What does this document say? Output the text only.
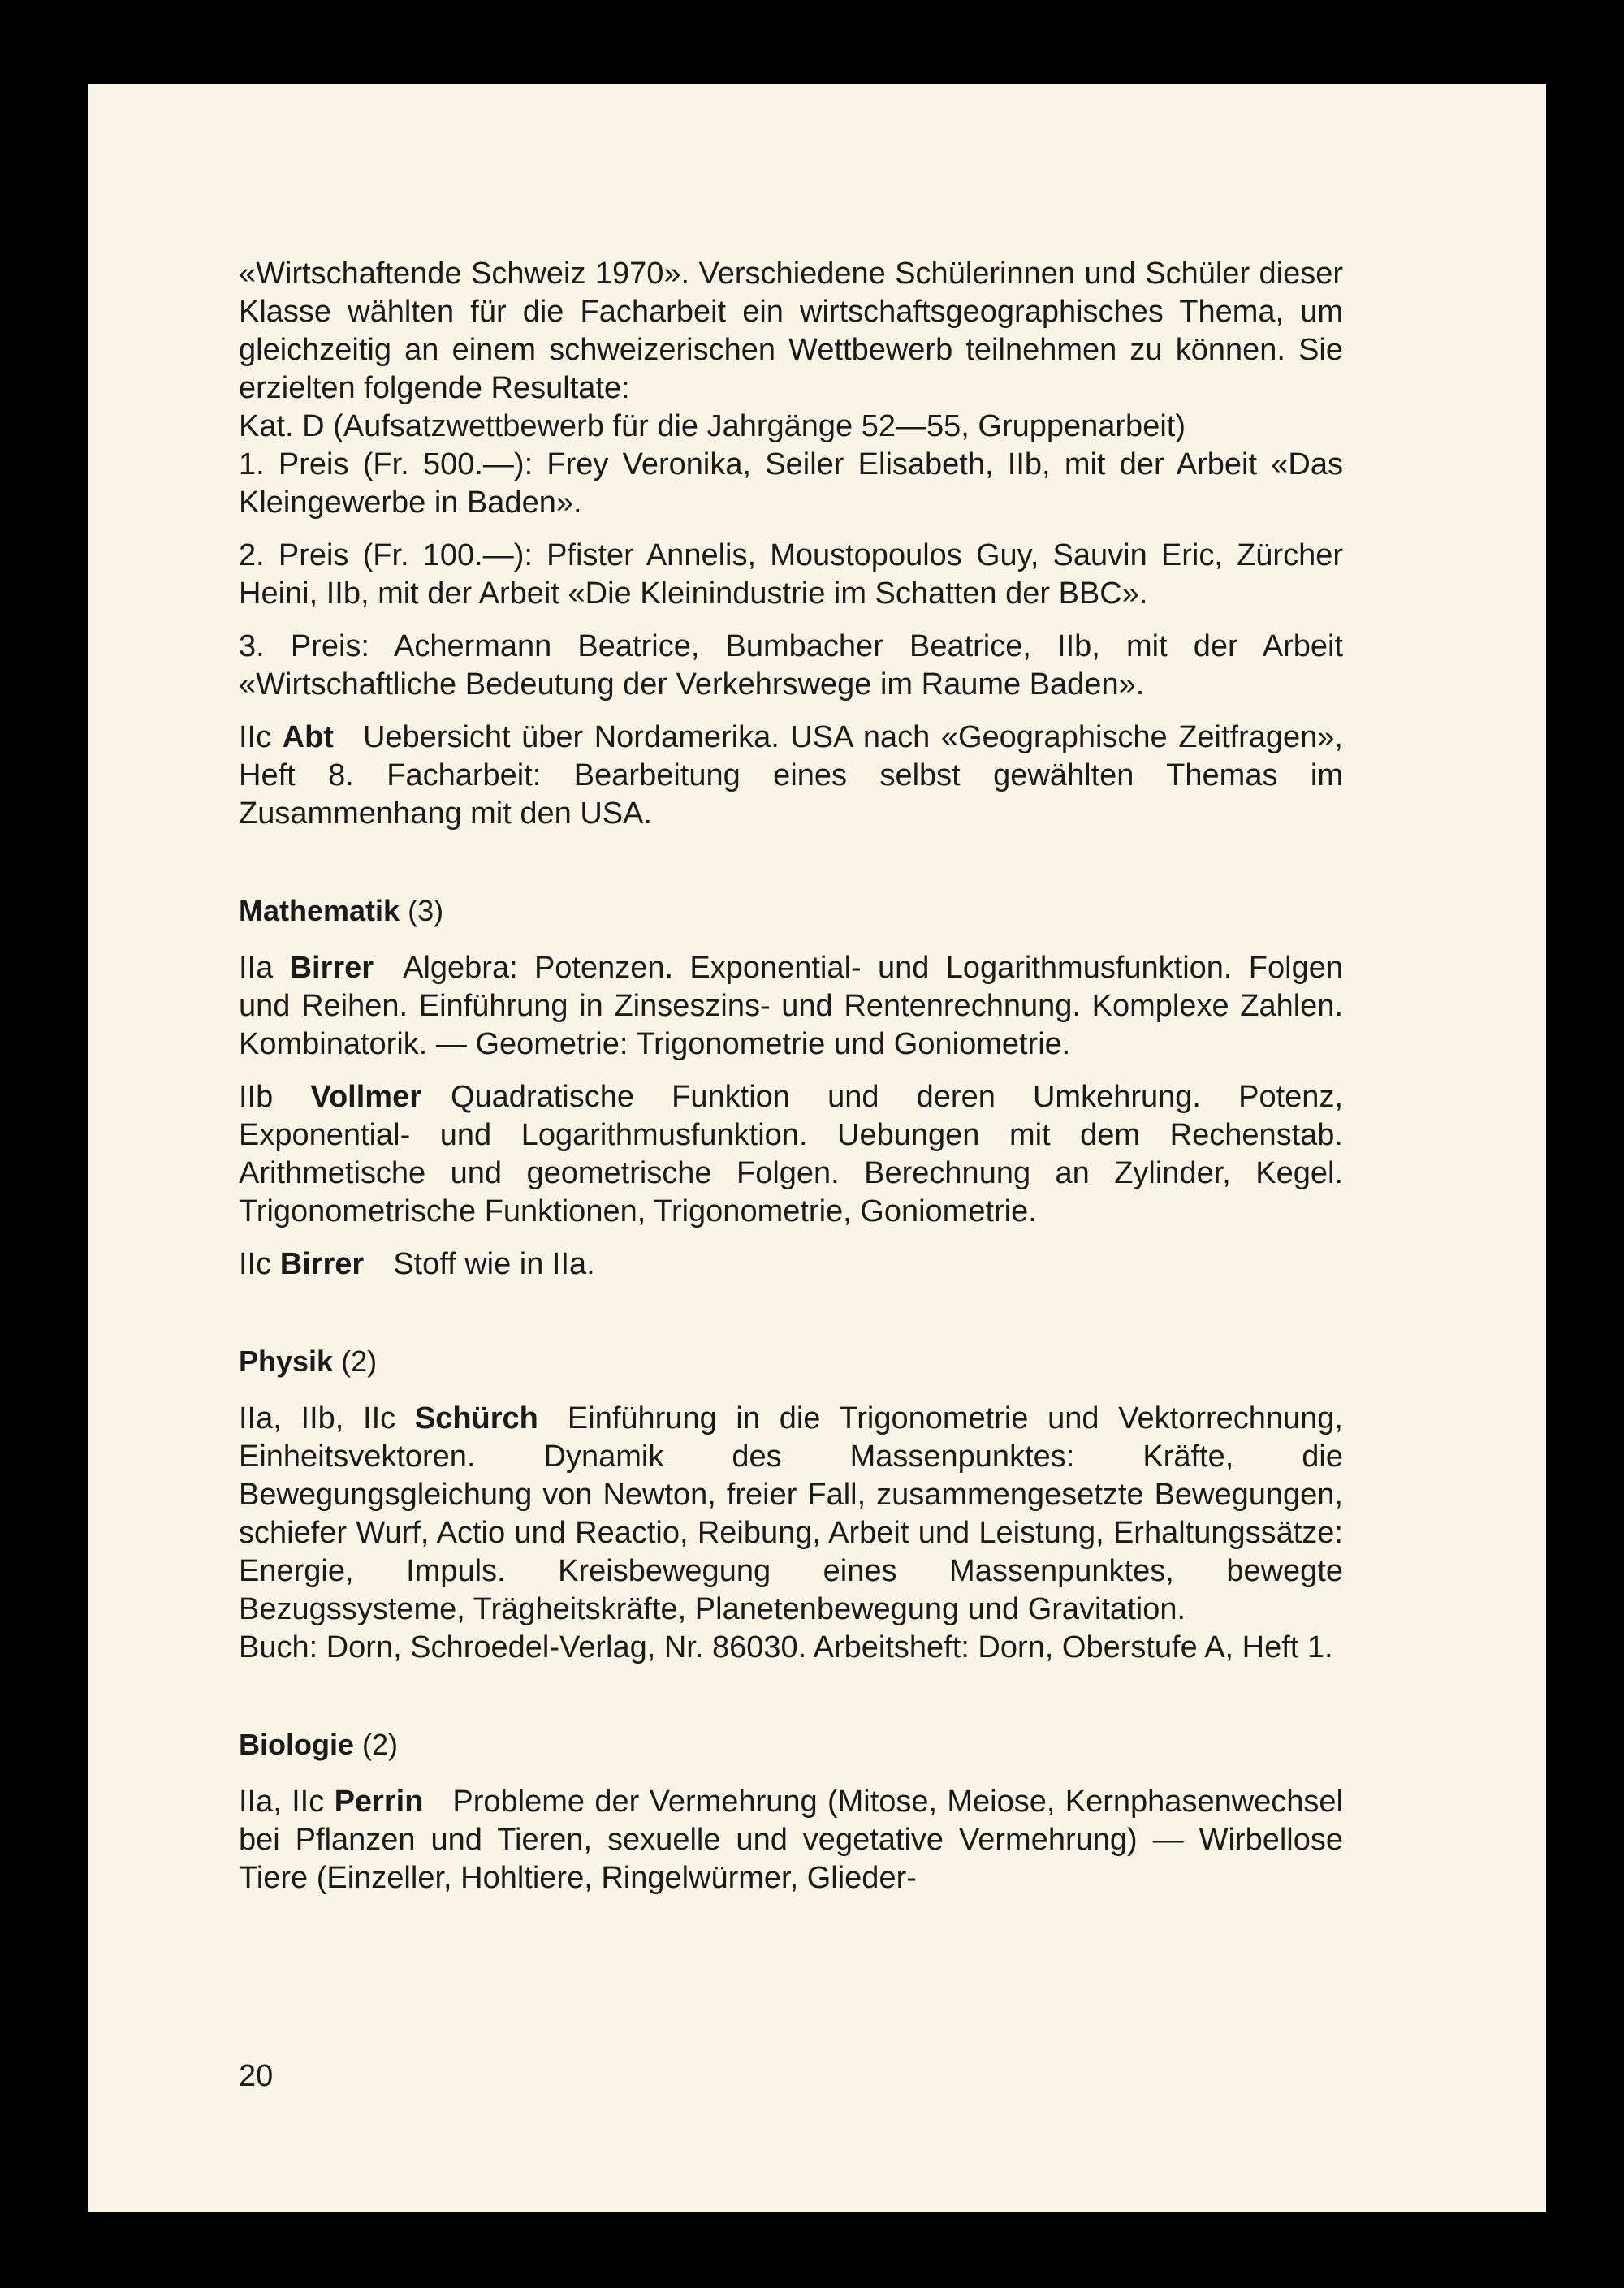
«Wirtschaftende Schweiz 1970». Verschiedene Schülerinnen und Schüler dieser Klasse wählten für die Facharbeit ein wirtschaftsgeographisches Thema, um gleichzeitig an einem schweizerischen Wettbewerb teilnehmen zu können. Sie erzielten folgende Resultate:

Kat. D (Aufsatzwettbewerb für die Jahrgänge 52—55, Gruppenarbeit)

1. Preis (Fr. 500.—): Frey Veronika, Seiler Elisabeth, IIb, mit der Arbeit «Das Kleingewerbe in Baden».

2. Preis (Fr. 100.—): Pfister Annelis, Moustopoulos Guy, Sauvin Eric, Zürcher Heini, IIb, mit der Arbeit «Die Kleinindustrie im Schatten der BBC».

3. Preis: Achermann Beatrice, Bumbacher Beatrice, IIb, mit der Arbeit «Wirtschaftliche Bedeutung der Verkehrswege im Raume Baden».

IIc Abt Uebersicht über Nordamerika. USA nach «Geographische Zeitfragen», Heft 8. Facharbeit: Bearbeitung eines selbst gewählten Themas im Zusammenhang mit den USA.

Mathematik (3)

IIa Birrer Algebra: Potenzen. Exponential- und Logarithmusfunktion. Folgen und Reihen. Einführung in Zinseszins- und Rentenrechnung. Komplexe Zahlen. Kombinatorik. — Geometrie: Trigonometrie und Goniometrie.

IIb Vollmer Quadratische Funktion und deren Umkehrung. Potenz, Exponential- und Logarithmusfunktion. Uebungen mit dem Rechenstab. Arithmetische und geometrische Folgen. Berechnung an Zylinder, Kegel. Trigonometrische Funktionen, Trigonometrie, Goniometrie.

IIc Birrer Stoff wie in IIa.

Physik (2)

IIa, IIb, IIc Schürch Einführung in die Trigonometrie und Vektorrechnung, Einheitsvektoren. Dynamik des Massenpunktes: Kräfte, die Bewegungsgleichung von Newton, freier Fall, zusammengesetzte Bewegungen, schiefer Wurf, Actio und Reactio, Reibung, Arbeit und Leistung, Erhaltungssätze: Energie, Impuls. Kreisbewegung eines Massenpunktes, bewegte Bezugssysteme, Trägheitskräfte, Planetenbewegung und Gravitation.

Buch: Dorn, Schroedel-Verlag, Nr. 86030. Arbeitsheft: Dorn, Oberstufe A, Heft 1.

Biologie (2)

IIa, IIc Perrin Probleme der Vermehrung (Mitose, Meiose, Kernphasenwechsel bei Pflanzen und Tieren, sexuelle und vegetative Vermehrung) — Wirbellose Tiere (Einzeller, Hohltiere, Ringelwürmer, Glieder-

20
